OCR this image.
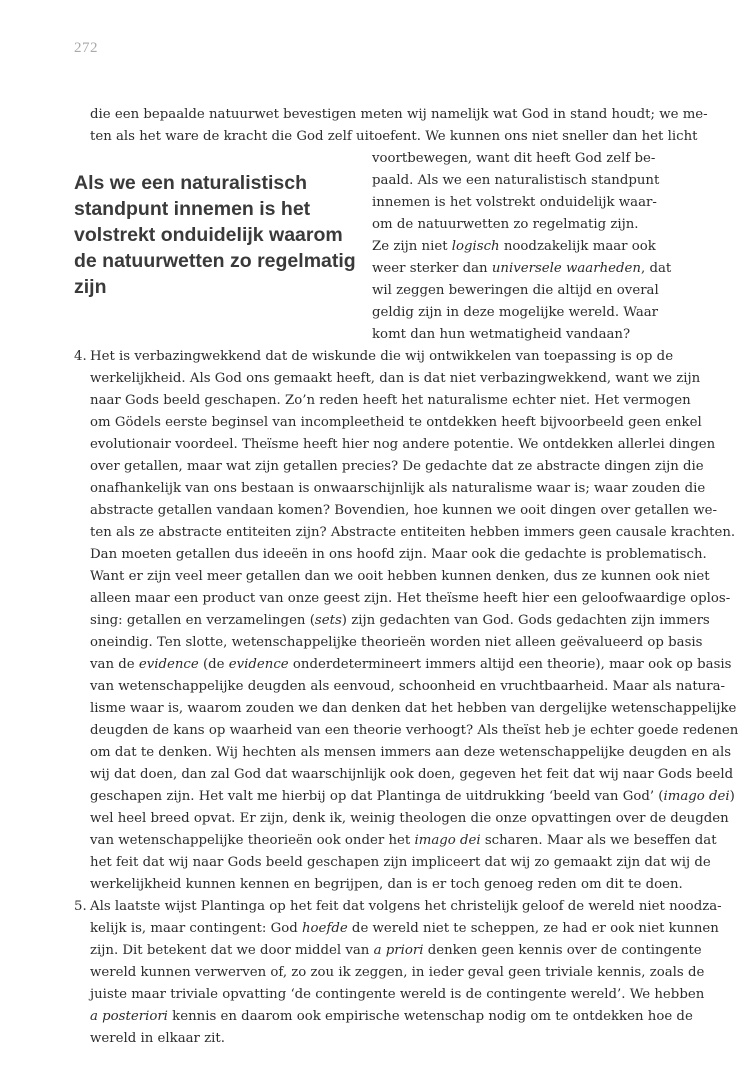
272
die een bepaalde natuurwet bevestigen meten wij namelijk wat God in stand houdt; we me-
ten als het ware de kracht die God zelf uitoefent. We kunnen ons niet sneller dan het licht
Als we een naturalistisch
standpunt innemen is het
volstrekt onduidelijk waarom
de natuurwetten zo regelmatig
zijn
voortbewegen, want dit heeft God zelf be-
paald. Als we een naturalistisch standpunt
innemen is het volstrekt onduidelijk waar-
om de natuurwetten zo regelmatig zijn.
Ze zijn niet logisch noodzakelijk maar ook
weer sterker dan universele waarheden, dat
wil zeggen beweringen die altijd en overal
geldig zijn in deze mogelijke wereld. Waar
komt dan hun wetmatigheid vandaan?
4. Het is verbazingwekkend dat de wiskunde die wij ontwikkelen van toepassing is op de
werkelijkheid. Als God ons gemaakt heeft, dan is dat niet verbazingwekkend, want we zijn
naar Gods beeld geschapen. Zo’n reden heeft het naturalisme echter niet. Het vermogen
om Gödels eerste beginsel van incompleetheid te ontdekken heeft bijvoorbeeld geen enkel
evolutionair voordeel. Theïsme heeft hier nog andere potentie. We ontdekken allerlei dingen
over getallen, maar wat zijn getallen precies? De gedachte dat ze abstracte dingen zijn die
onafhankelijk van ons bestaan is onwaarschijnlijk als naturalisme waar is; waar zouden die
abstracte getallen vandaan komen? Bovendien, hoe kunnen we ooit dingen over getallen we-
ten als ze abstracte entiteiten zijn? Abstracte entiteiten hebben immers geen causale krachten.
Dan moeten getallen dus ideeën in ons hoofd zijn. Maar ook die gedachte is problematisch.
Want er zijn veel meer getallen dan we ooit hebben kunnen denken, dus ze kunnen ook niet
alleen maar een product van onze geest zijn. Het theïsme heeft hier een geloofwaardige oplos-
sing: getallen en verzamelingen (sets) zijn gedachten van God. Gods gedachten zijn immers
oneindig. Ten slotte, wetenschappelijke theorieën worden niet alleen geëvalueerd op basis
van de evidence (de evidence onderdetermineert immers altijd een theorie), maar ook op basis
van wetenschappelijke deugden als eenvoud, schoonheid en vruchtbaarheid. Maar als natura-
lisme waar is, waarom zouden we dan denken dat het hebben van dergelijke wetenschappelijke
deugden de kans op waarheid van een theorie verhoogt? Als theïst heb je echter goede redenen
om dat te denken. Wij hechten als mensen immers aan deze wetenschappelijke deugden en als
wij dat doen, dan zal God dat waarschijnlijk ook doen, gegeven het feit dat wij naar Gods beeld
geschapen zijn. Het valt me hierbij op dat Plantinga de uitdrukking ‘beeld van God’ (imago dei)
wel heel breed opvat. Er zijn, denk ik, weinig theologen die onze opvattingen over de deugden
van wetenschappelijke theorieën ook onder het imago dei scharen. Maar als we beseffen dat
het feit dat wij naar Gods beeld geschapen zijn impliceert dat wij zo gemaakt zijn dat wij de
werkelijkheid kunnen kennen en begrijpen, dan is er toch genoeg reden om dit te doen.
5. Als laatste wijst Plantinga op het feit dat volgens het christelijk geloof de wereld niet noodza-
kelijk is, maar contingent: God hoefde de wereld niet te scheppen, ze had er ook niet kunnen
zijn. Dit betekent dat we door middel van a priori denken geen kennis over de contingente
wereld kunnen verwerven of, zo zou ik zeggen, in ieder geval geen triviale kennis, zoals de
juiste maar triviale opvatting ‘de contingente wereld is de contingente wereld’. We hebben
a posteriori kennis en daarom ook empirische wetenschap nodig om te ontdekken hoe de
wereld in elkaar zit.
